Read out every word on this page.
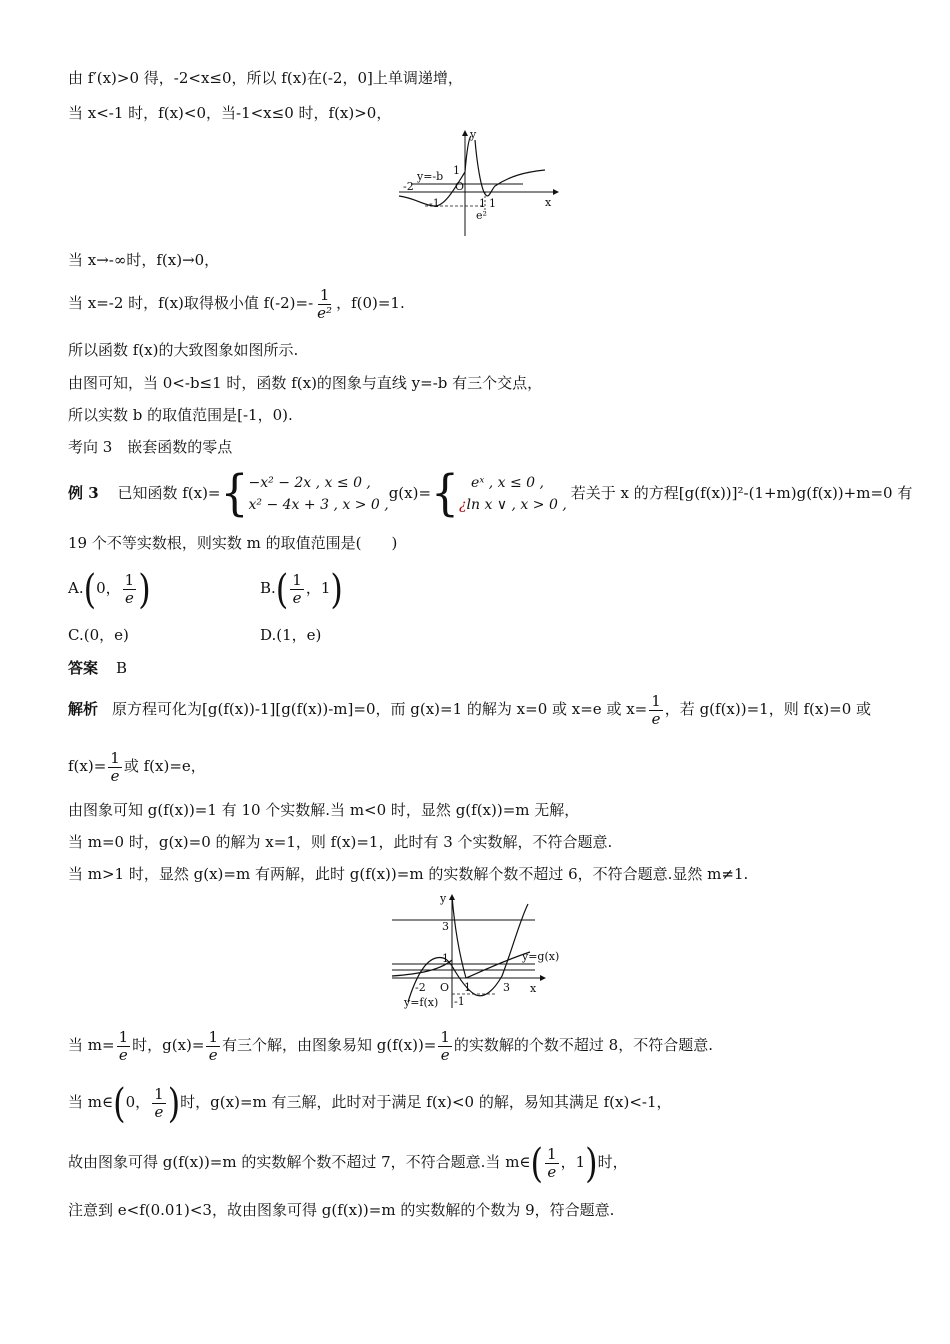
由 f′(x)>0 得，-2<x≤0，所以 f(x)在(-2，0]上单调递增，
当 x<-1 时，f(x)<0，当-1<x≤0 时，f(x)>0，
y
x
1
O
-2
-1	1
1
e²
y=-b
当 x→-∞时，f(x)→0，
当 x=-2 时，f(x)取得极小值 $f(-2)=- \frac{1}{\text{e²}}$ ，f(0)=1.
所以函数 f(x)的大致图象如图所示.
由图可知，当 0<-b≤1 时，函数 f(x)的图象与直线 y=-b 有三个交点，
所以实数 b 的取值范围是[-1，0).
考向 3　嵌套函数的零点
例 3 已知函数 f(x)= { −x² − 2x , x ≤ 0 ,
x² − 4x + 3 , x > 0 ,
g(x)= { eˣ , x ≤ 0 ,
¿ln x ∨ , x > 0 ,
若关于 x 的方程[g(f(x))]²-(1+m)g(f(x))+m=0 有
19 个不等实数根，则实数 m 的取值范围是(　　)
A.(0， $\frac{1}{e}$ )	$B.( \frac{1}{e}$ ，1)
C.(0，e)	D.(1，e)
答案 B
解析 原方程可化为[g(f(x))-1][g(f(x))-m]=0，而 g(x)=1 的解为 x=0 或 x=e 或 $x= \frac{1}{e}$ ，若 g(f(x))=1，则 f(x)=0 或
$f(x)= \frac{1}{e}$ 或 f(x)=e，
由图象可知 g(f(x))=1 有 10 个实数解.当 m<0 时，显然 g(f(x))=m 无解，
当 m=0 时，g(x)=0 的解为 x=1，则 f(x)=1，此时有 3 个实数解，不符合题意.
当 m>1 时，显然 g(x)=m 有两解，此时 g(f(x))=m 的实数解个数不超过 6，不符合题意.显然 m≠1.
y
x
3
1
O
-2	1	3
-1
y=g(x)
y=f(x)
当 $m= \frac{1}{e}$ 时，$g(x)= \frac{1}{e}$ 有三个解，由图象易知 $g(f(x))= \frac{1}{e}$ 的实数解的个数不超过 8，不符合题意.
当 m∈(0， $\frac{1}{e}$ )时，g(x)=m 有三解，此时对于满足 f(x)<0 的解，易知其满足 f(x)<-1，
故由图象可得 g(f(x))=m 的实数解个数不超过 7，不符合题意.当 m∈( $\frac{1}{e}$ ，1)时，
注意到 e<f(0.01)<3，故由图象可得 g(f(x))=m 的实数解的个数为 9，符合题意.
